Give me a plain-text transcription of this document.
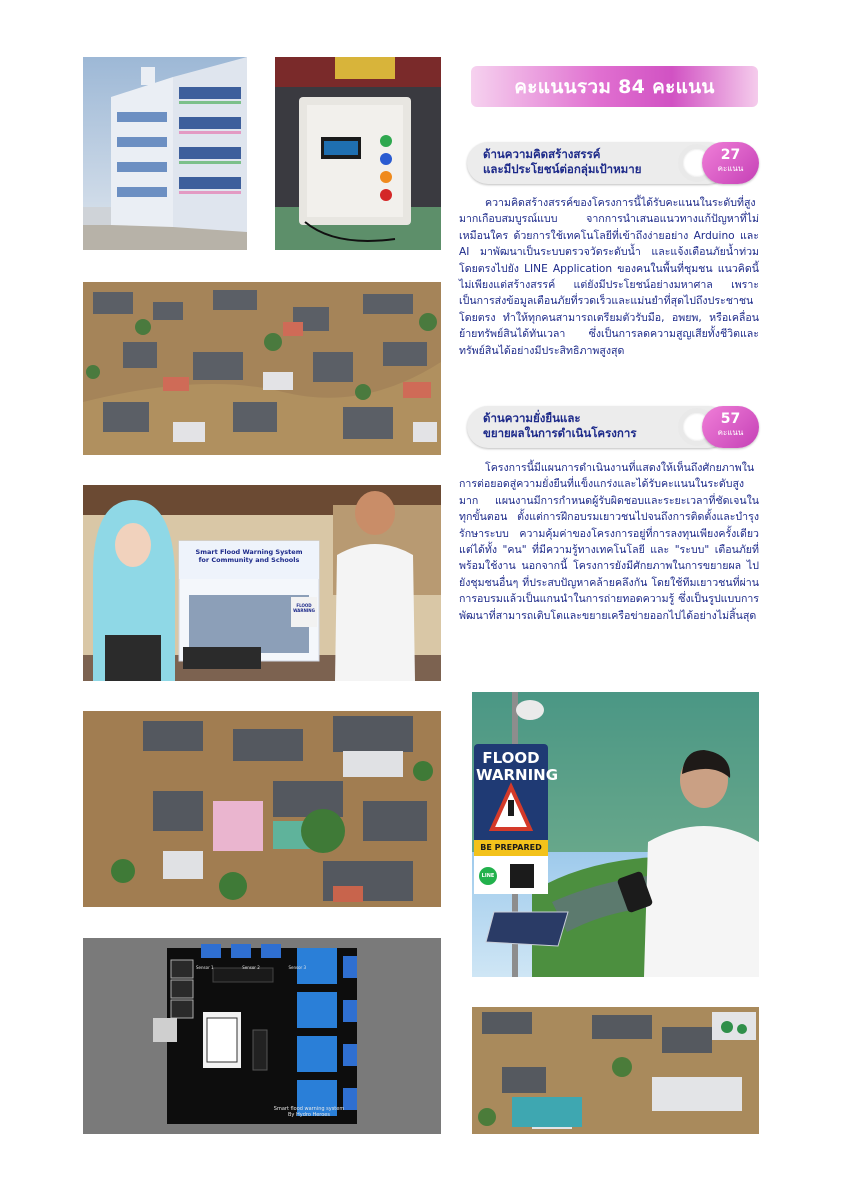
Smart Flood Warning System
for Community and Schools
FLOOD WARNING
Smart flood warning system
By Hydro Heroes
Sensor 1	Sensor 2	Sensor 3
FLOOD
WARNING
BE PREPARED
LINE
คะแนนรวม 84 คะแนน
ด้านความคิดสร้างสรรค์
และมีประโยชน์ต่อกลุ่มเป้าหมาย
27
คะแนน

ความคิดสร้างสรรค์ของโครงการนี้ได้รับคะแนนในระดับที่สูงมากเกือบสมบูรณ์แบบ จากการนำเสนอแนวทางแก้ปัญหาที่ไม่เหมือนใคร ด้วยการใช้เทคโนโลยีที่เข้าถึงง่ายอย่าง Arduino และ AI มาพัฒนาเป็นระบบตรวจวัดระดับน้ำ และแจ้งเตือนภัยน้ำท่วมโดยตรงไปยัง LINE Application ของคนในพื้นที่ชุมชน แนวคิดนี้ไม่เพียงแต่สร้างสรรค์ แต่ยังมีประโยชน์อย่างมหาศาล เพราะเป็นการส่งข้อมูลเตือนภัยที่รวดเร็วและแม่นยำที่สุดไปถึงประชาชนโดยตรง ทำให้ทุกคนสามารถเตรียมตัวรับมือ, อพยพ, หรือเคลื่อนย้ายทรัพย์สินได้ทันเวลา ซึ่งเป็นการลดความสูญเสียทั้งชีวิตและทรัพย์สินได้อย่างมีประสิทธิภาพสูงสุด

ด้านความยั่งยืนและ
ขยายผลในการดำเนินโครงการ
57
คะแนน

โครงการนี้มีแผนการดำเนินงานที่แสดงให้เห็นถึงศักยภาพในการต่อยอดสู่ความยั่งยืนที่แข็งแกร่งและได้รับคะแนนในระดับสูงมาก แผนงานมีการกำหนดผู้รับผิดชอบและระยะเวลาที่ชัดเจนในทุกขั้นตอน ตั้งแต่การฝึกอบรมเยาวชนไปจนถึงการติดตั้งและบำรุงรักษาระบบ ความคุ้มค่าของโครงการอยู่ที่การลงทุนเพียงครั้งเดียว แต่ได้ทั้ง "คน" ที่มีความรู้ทางเทคโนโลยี และ "ระบบ" เตือนภัยที่พร้อมใช้งาน นอกจากนี้ โครงการยังมีศักยภาพในการขยายผล ไปยังชุมชนอื่นๆ ที่ประสบปัญหาคล้ายคลึงกัน โดยใช้ทีมเยาวชนที่ผ่านการอบรมแล้วเป็นแกนนำในการถ่ายทอดความรู้ ซึ่งเป็นรูปแบบการพัฒนาที่สามารถเติบโตและขยายเครือข่ายออกไปได้อย่างไม่สิ้นสุด
